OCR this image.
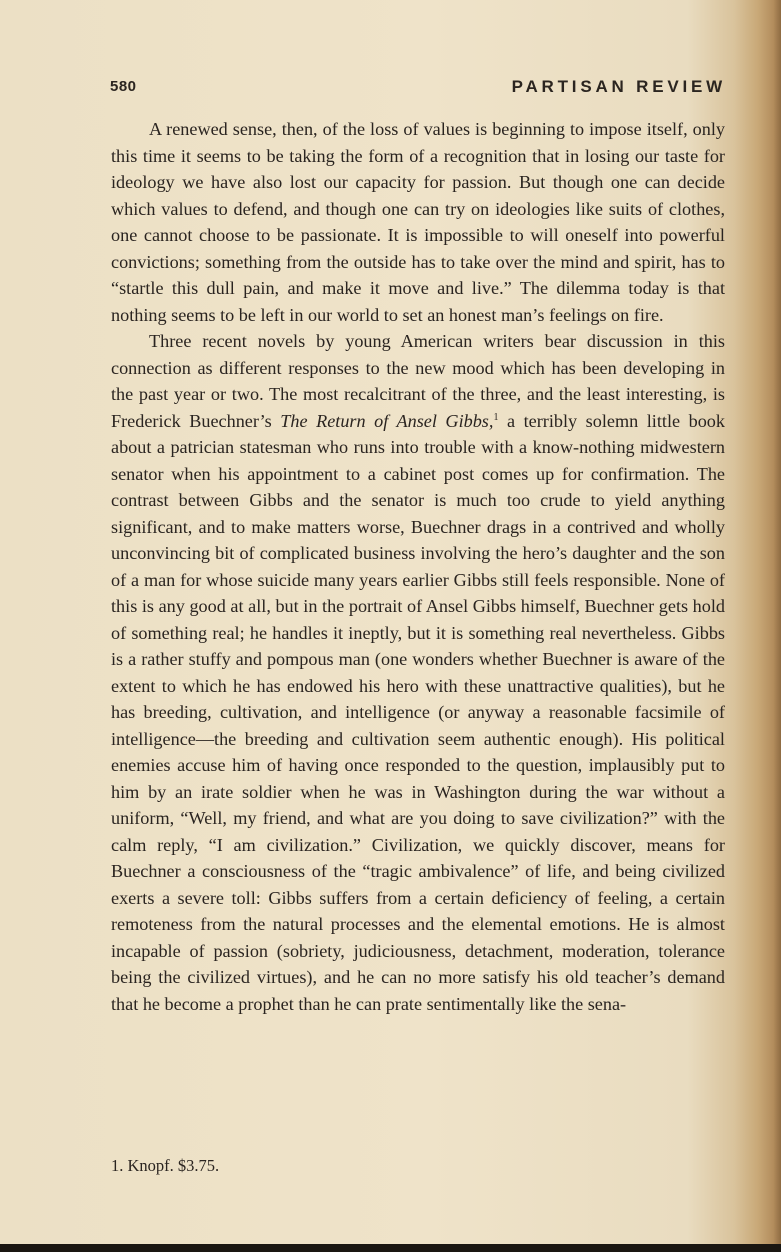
580	PARTISAN REVIEW

A renewed sense, then, of the loss of values is beginning to impose itself, only this time it seems to be taking the form of a recognition that in losing our taste for ideology we have also lost our capacity for passion. But though one can decide which values to defend, and though one can try on ideologies like suits of clothes, one cannot choose to be passionate. It is impossible to will oneself into powerful convictions; something from the outside has to take over the mind and spirit, has to “startle this dull pain, and make it move and live.” The dilemma today is that nothing seems to be left in our world to set an honest man’s feelings on fire.

Three recent novels by young American writers bear discussion in this connection as different responses to the new mood which has been developing in the past year or two. The most recalcitrant of the three, and the least interesting, is Frederick Buechner’s The Return of Ansel Gibbs,$^1$ a terribly solemn little book about a patrician statesman who runs into trouble with a know-nothing midwestern senator when his appointment to a cabinet post comes up for confirmation. The contrast between Gibbs and the senator is much too crude to yield anything significant, and to make matters worse, Buechner drags in a contrived and wholly unconvincing bit of complicated business involving the hero’s daughter and the son of a man for whose suicide many years earlier Gibbs still feels responsible. None of this is any good at all, but in the portrait of Ansel Gibbs himself, Buechner gets hold of something real; he handles it ineptly, but it is something real nevertheless. Gibbs is a rather stuffy and pompous man (one wonders whether Buechner is aware of the extent to which he has endowed his hero with these unattractive qualities), but he has breeding, cultivation, and intelligence (or anyway a reasonable facsimile of intelligence—the breeding and cultivation seem authentic enough). His political enemies accuse him of having once responded to the question, implausibly put to him by an irate soldier when he was in Washington during the war without a uniform, “Well, my friend, and what are you doing to save civilization?” with the calm reply, “I am civilization.” Civilization, we quickly discover, means for Buechner a consciousness of the “tragic ambivalence” of life, and being civilized exerts a severe toll: Gibbs suffers from a certain deficiency of feeling, a certain remoteness from the natural processes and the elemental emotions. He is almost incapable of passion (sobriety, judiciousness, detachment, moderation, tolerance being the civilized virtues), and he can no more satisfy his old teacher’s demand that he become a prophet than he can prate sentimentally like the sena-

1. Knopf. $3.75.
